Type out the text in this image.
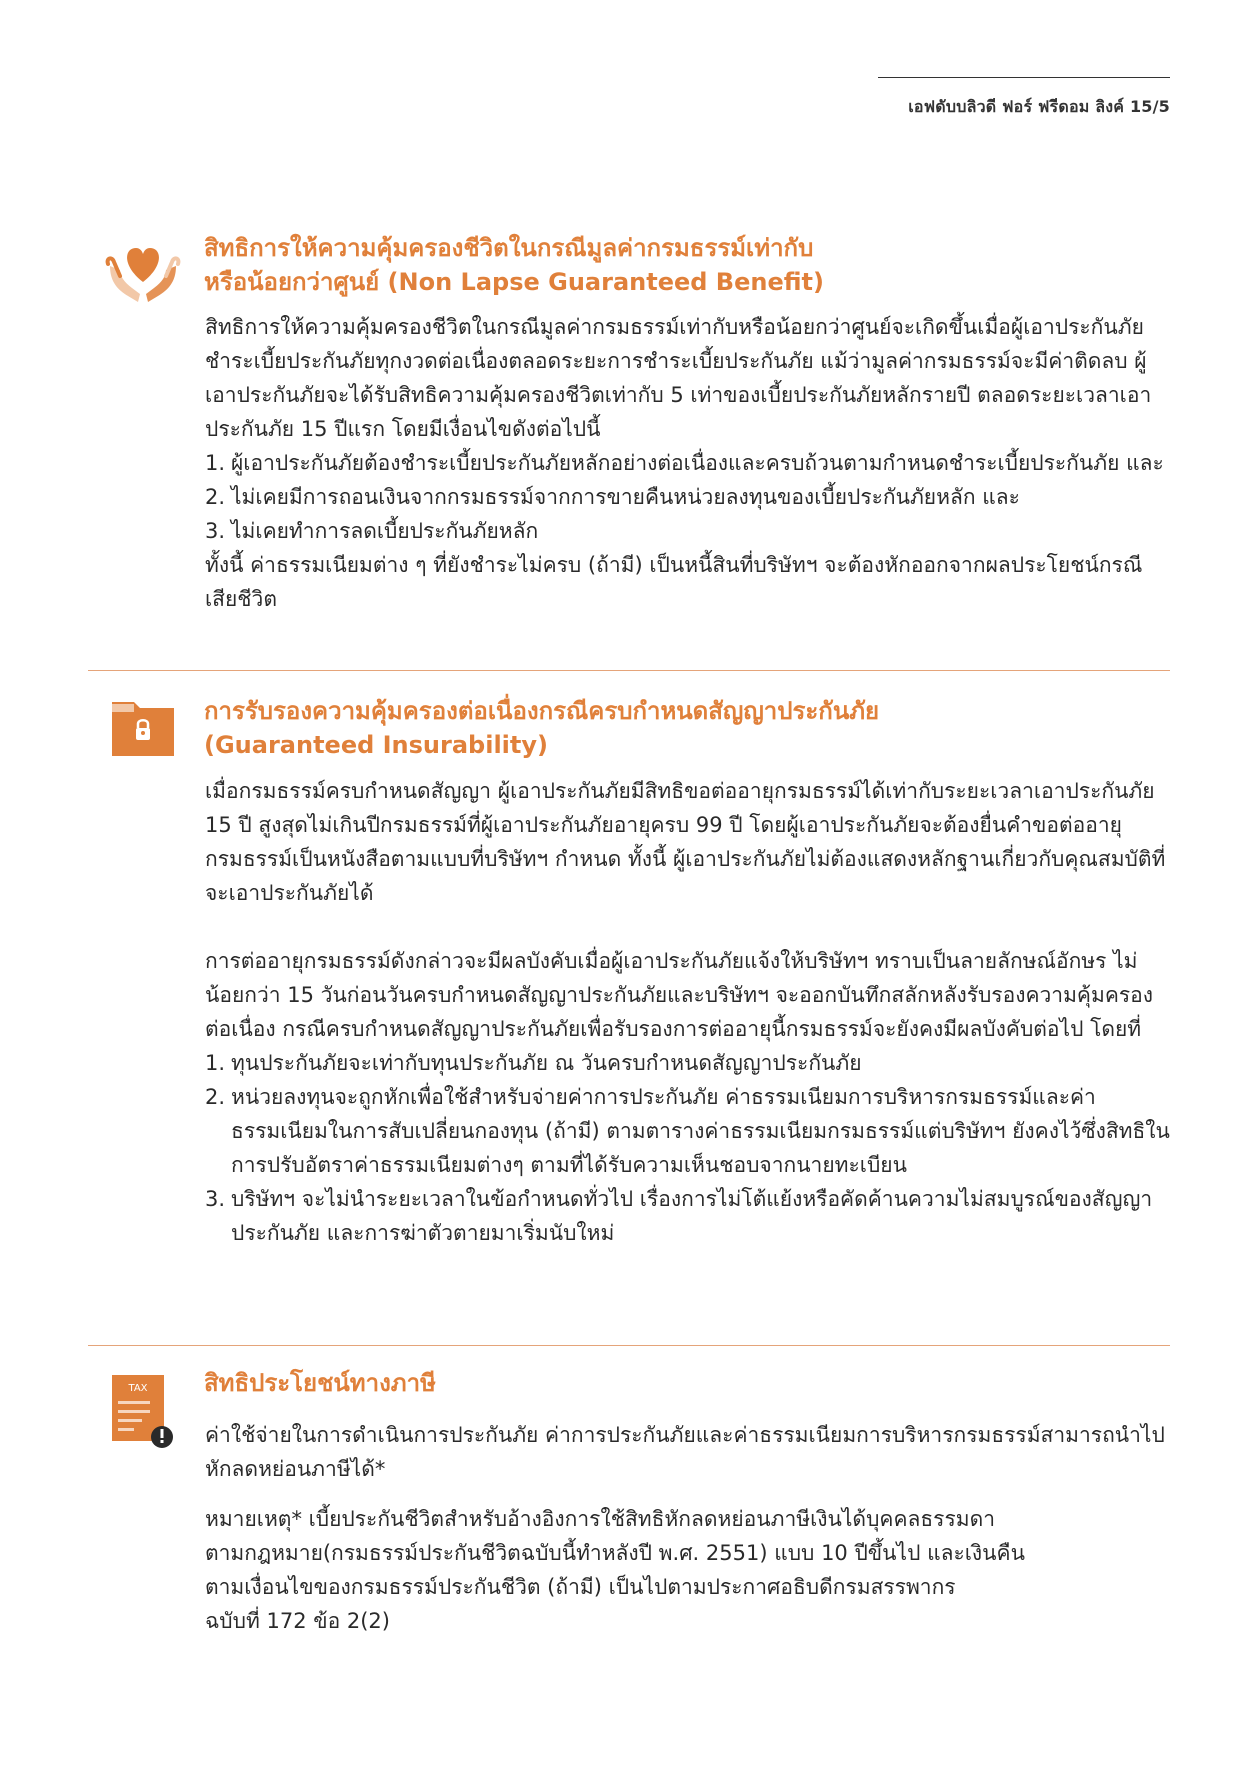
เอฟดับบลิวดี ฟอร์ ฟรีดอม ลิงค์ 15/5
สิทธิการให้ความคุ้มครองชีวิตในกรณีมูลค่ากรมธรรม์เท่ากับ
หรือน้อยกว่าศูนย์ (Non Lapse Guaranteed Benefit)

สิทธิการให้ความคุ้มครองชีวิตในกรณีมูลค่ากรมธรรม์เท่ากับหรือน้อยกว่าศูนย์จะเกิดขึ้นเมื่อผู้เอาประกันภัยชำระเบี้ยประกันภัยทุกงวดต่อเนื่องตลอดระยะการชำระเบี้ยประกันภัย แม้ว่ามูลค่ากรมธรรม์จะมีค่าติดลบ ผู้เอาประกันภัยจะได้รับสิทธิความคุ้มครองชีวิตเท่ากับ 5 เท่าของเบี้ยประกันภัยหลักรายปี ตลอดระยะเวลาเอาประกันภัย 15 ปีแรก โดยมีเงื่อนไขดังต่อไปนี้

1. ผู้เอาประกันภัยต้องชำระเบี้ยประกันภัยหลักอย่างต่อเนื่องและครบถ้วนตามกำหนดชำระเบี้ยประกันภัย และ
2. ไม่เคยมีการถอนเงินจากกรมธรรม์จากการขายคืนหน่วยลงทุนของเบี้ยประกันภัยหลัก และ
3. ไม่เคยทำการลดเบี้ยประกันภัยหลัก

ทั้งนี้ ค่าธรรมเนียมต่าง ๆ ที่ยังชำระไม่ครบ (ถ้ามี) เป็นหนี้สินที่บริษัทฯ จะต้องหักออกจากผลประโยชน์กรณีเสียชีวิต

การรับรองความคุ้มครองต่อเนื่องกรณีครบกำหนดสัญญาประกันภัย
(Guaranteed Insurability)

เมื่อกรมธรรม์ครบกำหนดสัญญา ผู้เอาประกันภัยมีสิทธิขอต่ออายุกรมธรรม์ได้เท่ากับระยะเวลาเอาประกันภัย 15 ปี สูงสุดไม่เกินปีกรมธรรม์ที่ผู้เอาประกันภัยอายุครบ 99 ปี โดยผู้เอาประกันภัยจะต้องยื่นคำขอต่ออายุกรมธรรม์เป็นหนังสือตามแบบที่บริษัทฯ กำหนด ทั้งนี้ ผู้เอาประกันภัยไม่ต้องแสดงหลักฐานเกี่ยวกับคุณสมบัติที่จะเอาประกันภัยได้

การต่ออายุกรมธรรม์ดังกล่าวจะมีผลบังคับเมื่อผู้เอาประกันภัยแจ้งให้บริษัทฯ ทราบเป็นลายลักษณ์อักษร ไม่น้อยกว่า 15 วันก่อนวันครบกำหนดสัญญาประกันภัยและบริษัทฯ จะออกบันทึกสลักหลังรับรองความคุ้มครองต่อเนื่อง กรณีครบกำหนดสัญญาประกันภัยเพื่อรับรองการต่ออายุนี้กรมธรรม์จะยังคงมีผลบังคับต่อไป โดยที่

1. ทุนประกันภัยจะเท่ากับทุนประกันภัย ณ วันครบกำหนดสัญญาประกันภัย
2. หน่วยลงทุนจะถูกหักเพื่อใช้สำหรับจ่ายค่าการประกันภัย ค่าธรรมเนียมการบริหารกรมธรรม์และค่าธรรมเนียมในการสับเปลี่ยนกองทุน (ถ้ามี) ตามตารางค่าธรรมเนียมกรมธรรม์แต่บริษัทฯ ยังคงไว้ซึ่งสิทธิในการปรับอัตราค่าธรรมเนียมต่างๆ ตามที่ได้รับความเห็นชอบจากนายทะเบียน
3. บริษัทฯ จะไม่นำระยะเวลาในข้อกำหนดทั่วไป เรื่องการไม่โต้แย้งหรือคัดค้านความไม่สมบูรณ์ของสัญญาประกันภัย และการฆ่าตัวตายมาเริ่มนับใหม่
TAX สิทธิประโยชน์ทางภาษี

ค่าใช้จ่ายในการดำเนินการประกันภัย ค่าการประกันภัยและค่าธรรมเนียมการบริหารกรมธรรม์สามารถนำไปหักลดหย่อนภาษีได้*

หมายเหตุ* เบี้ยประกันชีวิตสำหรับอ้างอิงการใช้สิทธิหักลดหย่อนภาษีเงินได้บุคคลธรรมดา

ตามกฎหมาย(กรมธรรม์ประกันชีวิตฉบับนี้ทำหลังปี พ.ศ. 2551) แบบ 10 ปีขึ้นไป และเงินคืน

ตามเงื่อนไขของกรมธรรม์ประกันชีวิต (ถ้ามี) เป็นไปตามประกาศอธิบดีกรมสรรพากร

ฉบับที่ 172 ข้อ 2(2)
